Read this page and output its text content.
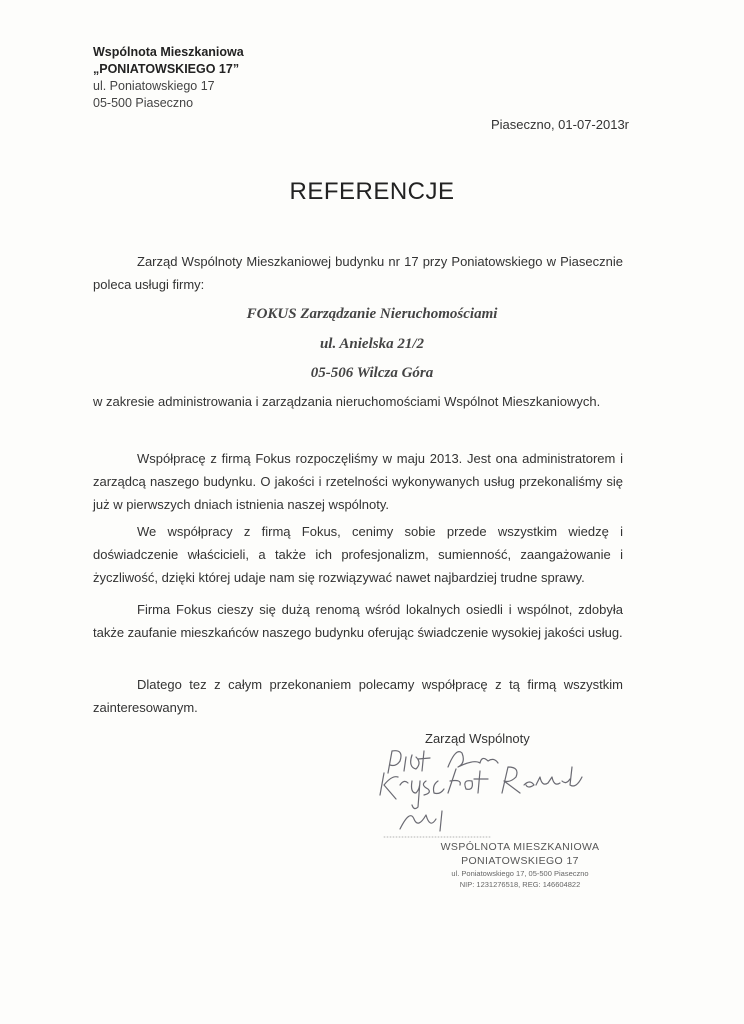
Wspólnota Mieszkaniowa
„PONIATOWSKIEGO 17”
ul. Poniatowskiego 17
05-500 Piaseczno
Piaseczno, 01-07-2013r
REFERENCJE
Zarząd Wspólnoty Mieszkaniowej budynku nr 17 przy Poniatowskiego w Piasecznie poleca usługi firmy:
FOKUS Zarządzanie Nieruchomościami
ul. Anielska 21/2
05-506 Wilcza Góra
w zakresie administrowania i zarządzania nieruchomościami Wspólnot Mieszkaniowych.
Współpracę z firmą Fokus rozpoczęliśmy w maju 2013. Jest ona administratorem i zarządcą naszego budynku. O jakości i rzetelności wykonywanych usług przekonaliśmy się już w pierwszych dniach istnienia naszej wspólnoty.
We współpracy z firmą Fokus, cenimy sobie przede wszystkim wiedzę i doświadczenie właścicieli, a także ich profesjonalizm, sumienność, zaangażowanie i życzliwość, dzięki której udaje nam się rozwiązywać nawet najbardziej trudne sprawy.
Firma Fokus cieszy się dużą renomą wśród lokalnych osiedli i wspólnot, zdobyła także zaufanie mieszkańców naszego budynku oferując świadczenie wysokiej jakości usług.
Dlatego tez z całym przekonaniem polecamy współpracę z tą firmą wszystkim zainteresowanym.
Zarząd Wspólnoty
Piotr Kłosa Krzysztof Rzewnicki
WSPÓLNOTA MIESZKANIOWA
PONIATOWSKIEGO 17
ul. Poniatowskiego 17, 05-500 Piaseczno
NIP: 1231276518, REG: 146604822
